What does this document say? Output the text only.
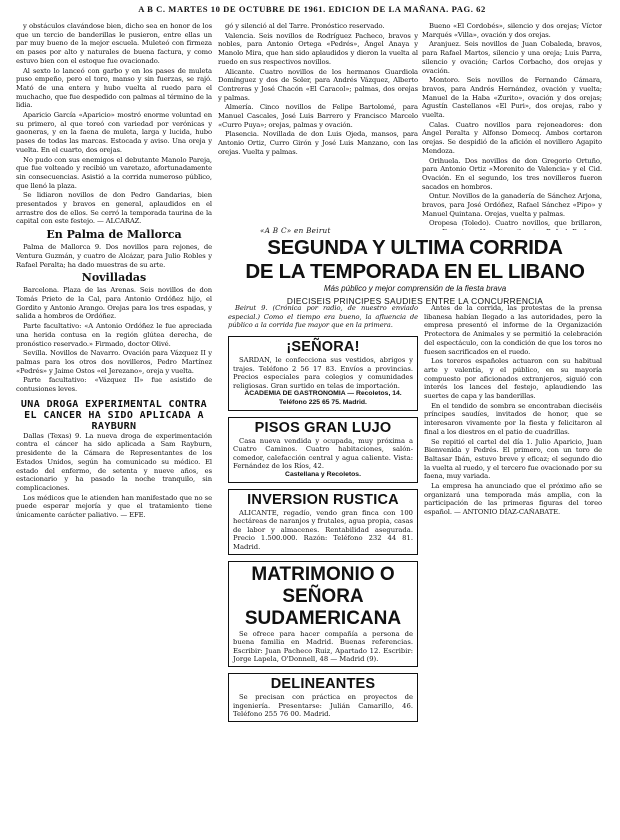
A B C. MARTES 10 DE OCTUBRE DE 1961. EDICION DE LA MAÑANA. PAG. 62

y obstáculos clavándose bien, dicho sea en honor de los que un tercio de banderillas le pusieron, entre ellas un par muy bueno de la mejor escuela. Muleteó con firmeza en pases por alto y naturales de buena factura, y como estuvo bien con el estoque fue ovacionado.

Al sexto lo lanceó con garbo y en los pases de muleta puso empeño, pero el toro, manso y sin fuerzas, se rajó. Mató de una entera y hubo vuelta al ruedo para el muchacho, que fue despedido con palmas al término de la lidia.

Aparicio García «Aparicio» mostró enorme voluntad en su primero, al que toreó con variedad por verónicas y gaoneras, y en la faena de muleta, larga y lucida, hubo pases de todas las marcas. Estocada y aviso. Una oreja y vuelta. En el cuarto, dos orejas.

No pudo con sus enemigos el debutante Manolo Pareja, que fue volteado y recibió un varetazo, afortunadamente sin consecuencias. Asistió a la corrida numeroso público, que llenó la plaza.

Se lidiaron novillos de don Pedro Gandarias, bien presentados y bravos en general, aplaudidos en el arrastre dos de ellos. Se cerró la temporada taurina de la capital con este festejo. — ALCARAZ.

En Palma de Mallorca

Palma de Mallorca 9. Dos novillos para rejones, de Ventura Guzmán, y cuatro de Alcázar, para Julio Robles y Rafael Peralta; ha dado muestras de su arte.

Novilladas

Barcelona. Plaza de las Arenas. Seis novillos de don Tomás Prieto de la Cal, para Antonio Ordóñez hijo, el Gordito y Antonio Arango. Orejas para los tres espadas, y salida a hombros de Ordóñez.

Parte facultativo: «A Antonio Ordóñez le fue apreciada una herida contusa en la región glútea derecha, de pronóstico reservado.» Firmado, doctor Olivé.

Sevilla. Novillos de Navarro. Ovación para Vázquez II y palmas para los otros dos novilleros, Pedro Martínez «Pedrés» y Jaime Ostos «el Jerezano», oreja y vuelta.

Parte facultativo: «Vázquez II» fue asistido de contusiones leves.

UNA DROGA EXPERIMENTAL CONTRA EL CANCER HA SIDO APLICADA A RAYBURN

Dallas (Texas) 9. La nueva droga de experimentación contra el cáncer ha sido aplicada a Sam Rayburn, presidente de la Cámara de Representantes de los Estados Unidos, según ha comunicado su médico. El estado del enfermo, de setenta y nueve años, es estacionario y ha pasado la noche tranquilo, sin complicaciones.

Los médicos que le atienden han manifestado que no se puede esperar mejoría y que el tratamiento tiene únicamente carácter paliativo. — EFE.

gó y silenció al del Tarre. Pronóstico reservado.

Valencia. Seis novillos de Rodríguez Pacheco, bravos y nobles, para Antonio Ortega «Pedrés», Ángel Anaya y Manolo Mira, que han sido aplaudidos y dieron la vuelta al ruedo en sus respectivos novillos.

Alicante. Cuatro novillos de los hermanos Guardiola Domínguez y dos de Soler, para Andrés Vázquez, Alberto Contreras y José Chacón «El Caracol»; palmas, dos orejas y palmas.

Almería. Cinco novillos de Felipe Bartolomé, para Manuel Cascales, José Luis Barrero y Francisco Marcelo «Curro Puya»; orejas, palmas y ovación.

Plasencia. Novillada de don Luis Ojeda, mansos, para Antonio Ortiz, Curro Girón y José Luis Manzano, con las orejas. Vuelta y palmas.

Bueno «El Cordobés», silencio y dos orejas; Víctor Marqués «Villa», ovación y dos orejas.

Aranjuez. Seis novillos de Juan Cobaleda, bravos, para Rafael Martos, silencio y una oreja; Luis Parra, silencio y ovación; Carlos Corbacho, dos orejas y ovación.

Montoro. Seis novillos de Fernando Cámara, bravos, para Andrés Hernández, ovación y vuelta; Manuel de la Haba «Zurito», ovación y dos orejas; Agustín Castellanos «El Puri», dos orejas, rabo y vuelta.

Calas. Cuatro novillos para rejoneadores: don Ángel Peralta y Alfonso Domecq. Ambos cortaron orejas. Se despidió de la afición el novillero Agapito Mendoza.

Orihuela. Dos novillos de don Gregorio Ortuño, para Antonio Ortiz «Morenito de Valencia» y el Cid. Ovación. En el segundo, los tres novilleros fueron sacados en hombros.

Ontur. Novillos de la ganadería de Sánchez Arjona, bravos, para José Ordóñez, Rafael Sánchez «Pipo» y Manuel Quintana. Orejas, vuelta y palmas.

Oropesa (Toledo). Cuatro novillos, que brillaron,

«A B C» en Beirut
SEGUNDA Y ULTIMA CORRIDA
DE LA TEMPORADA EN EL LIBANO
Más público y mejor comprensión de la fiesta brava
DIECISEIS PRINCIPES SAUDIES ENTRE LA CONCURRENCIA

Beirut 9. (Crónica por radio, de nuestro enviado especial.) Como el tiempo era bueno, la afluencia de público a la corrida fue mayor que en la primera.

¡SEÑORA!

SARDAN, le confecciona sus vestidos, abrigos y trajes. Teléfono 2 56 17 83. Envíos a provincias. Precios especiales para colegios y comunidades religiosas. Gran surtido en telas de importación.

ACADEMIA DE GASTRONOMIA — Recoletos, 14. Teléfono 225 65 75. Madrid.
PISOS GRAN LUJO

Casa nueva vendida y ocupada, muy próxima a Cuatro Caminos. Cuatro habitaciones, salón-comedor, calefacción central y agua caliente. Vista: Fernández de los Ríos, 42.

Castellana y Recoletos.
INVERSION RUSTICA

ALICANTE, regadío, vendo gran finca con 100 hectáreas de naranjos y frutales, agua propia, casas de labor y almacenes. Rentabilidad asegurada. Precio 1.500.000. Razón: Teléfono 232 44 81. Madrid.

MATRIMONIO O SEÑORA
SUDAMERICANA

Se ofrece para hacer compañía a persona de buena familia en Madrid. Buenas referencias. Escribir: Juan Pacheco Ruiz, Apartado 12. Escribir: Jorge Lapela, O'Donnell, 48 — Madrid (9).

DELINEANTES

Se precisan con práctica en proyectos de ingeniería. Presentarse: Julián Camarillo, 46. Teléfono 255 76 00. Madrid.

Antes de la corrida, las protestas de la prensa libanesa habían llegado a las autoridades, pero la empresa presentó el informe de la Organización Protectora de Animales y se permitió la celebración del espectáculo, con la condición de que los toros no fuesen sacrificados en el ruedo.

Los toreros españoles actuaron con su habitual arte y valentía, y el público, en su mayoría compuesto por aficionados extranjeros, siguió con interés los lances del festejo, aplaudiendo las suertes de capa y las banderillas.

En el tendido de sombra se encontraban dieciséis príncipes saudíes, invitados de honor, que se interesaron vivamente por la fiesta y felicitaron al final a los diestros en el patio de cuadrillas.

Se repitió el cartel del día 1. Julio Aparicio, Juan Bienvenida y Pedrés. El primero, con un toro de Baltasar Ibán, estuvo breve y eficaz; el segundo dio la vuelta al ruedo, y el tercero fue ovacionado por su faena, muy variada.

La empresa ha anunciado que el próximo año se organizará una temporada más amplia, con la participación de las primeras figuras del toreo español. — ANTONIO DÍAZ-CAÑABATE.
